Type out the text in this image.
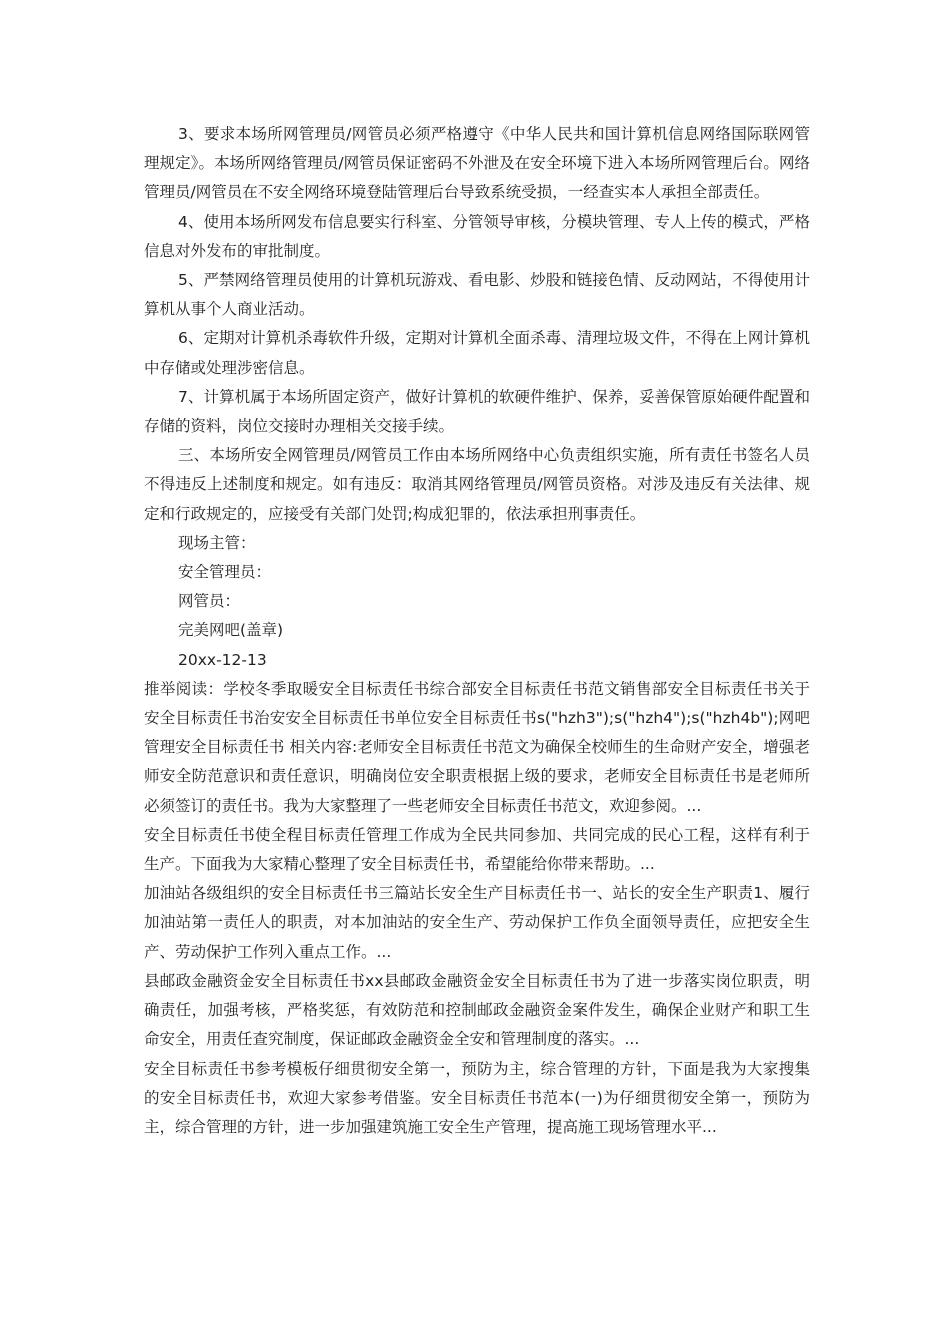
3、要求本场所网管理员/网管员必须严格遵守《中华人民共和国计算机信息网络国际联网管理规定》。本场所网络管理员/网管员保证密码不外泄及在安全环境下进入本场所网管理后台。网络管理员/网管员在不安全网络环境登陆管理后台导致系统受损，一经查实本人承担全部责任。

4、使用本场所网发布信息要实行科室、分管领导审核，分模块管理、专人上传的模式，严格信息对外发布的审批制度。

5、严禁网络管理员使用的计算机玩游戏、看电影、炒股和链接色情、反动网站，不得使用计算机从事个人商业活动。

6、定期对计算机杀毒软件升级，定期对计算机全面杀毒、清理垃圾文件，不得在上网计算机中存储或处理涉密信息。

7、计算机属于本场所固定资产，做好计算机的软硬件维护、保养，妥善保管原始硬件配置和存储的资料，岗位交接时办理相关交接手续。

三、本场所安全网管理员/网管员工作由本场所网络中心负责组织实施，所有责任书签名人员不得违反上述制度和规定。如有违反：取消其网络管理员/网管员资格。对涉及违反有关法律、规定和行政规定的，应接受有关部门处罚;构成犯罪的，依法承担刑事责任。

现场主管：

安全管理员：

网管员：

完美网吧(盖章)

20xx-12-13

推举阅读：学校冬季取暖安全目标责任书综合部安全目标责任书范文销售部安全目标责任书关于安全目标责任书治安安全目标责任书单位安全目标责任书s("hzh3");s("hzh4");s("hzh4b");网吧管理安全目标责任书 相关内容:老师安全目标责任书范文为确保全校师生的生命财产安全，增强老师安全防范意识和责任意识，明确岗位安全职责根据上级的要求，老师安全目标责任书是老师所必须签订的责任书。我为大家整理了一些老师安全目标责任书范文，欢迎参阅。...

安全目标责任书使全程目标责任管理工作成为全民共同参加、共同完成的民心工程，这样有利于生产。下面我为大家精心整理了安全目标责任书，希望能给你带来帮助。...

加油站各级组织的安全目标责任书三篇站长安全生产目标责任书一、站长的安全生产职责1、履行加油站第一责任人的职责，对本加油站的安全生产、劳动保护工作负全面领导责任，应把安全生产、劳动保护工作列入重点工作。...

县邮政金融资金安全目标责任书xx县邮政金融资金安全目标责任书为了进一步落实岗位职责，明确责任，加强考核，严格奖惩，有效防范和控制邮政金融资金案件发生，确保企业财产和职工生命安全，用责任查究制度，保证邮政金融资金全安和管理制度的落实。...

安全目标责任书参考模板仔细贯彻安全第一，预防为主，综合管理的方针，下面是我为大家搜集的安全目标责任书，欢迎大家参考借鉴。安全目标责任书范本(一)为仔细贯彻安全第一，预防为主，综合管理的方针，进一步加强建筑施工安全生产管理，提高施工现场管理水平...
